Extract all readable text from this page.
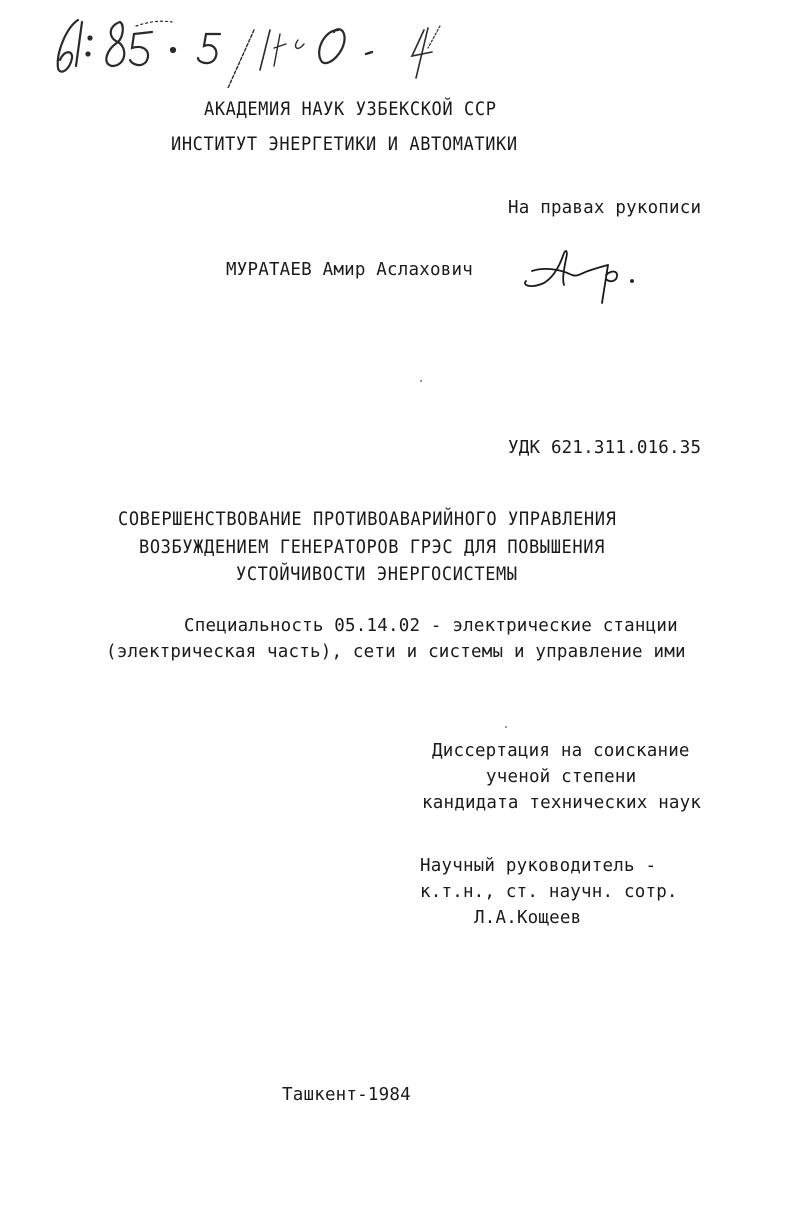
АКАДЕМИЯ НАУК УЗБЕКСКОЙ ССР
ИНСТИТУТ ЭНЕРГЕТИКИ И АВТОМАТИКИ
На правах рукописи
МУРАТАЕВ Амир Аслахович
УДК 621.311.016.35
СОВЕРШЕНСТВОВАНИЕ ПРОТИВОАВАРИЙНОГО УПРАВЛЕНИЯ
ВОЗБУЖДЕНИЕМ ГЕНЕРАТОРОВ ГРЭС ДЛЯ ПОВЫШЕНИЯ
УСТОЙЧИВОСТИ ЭНЕРГОСИСТЕМЫ
Специальность 05.14.02 - электрические станции
(электрическая часть), сети и системы и управление ими
Диссертация на соискание
ученой степени
кандидата технических наук
Научный руководитель -
к.т.н., ст. научн. сотр.
Л.А.Кощеев
Ташкент-1984
